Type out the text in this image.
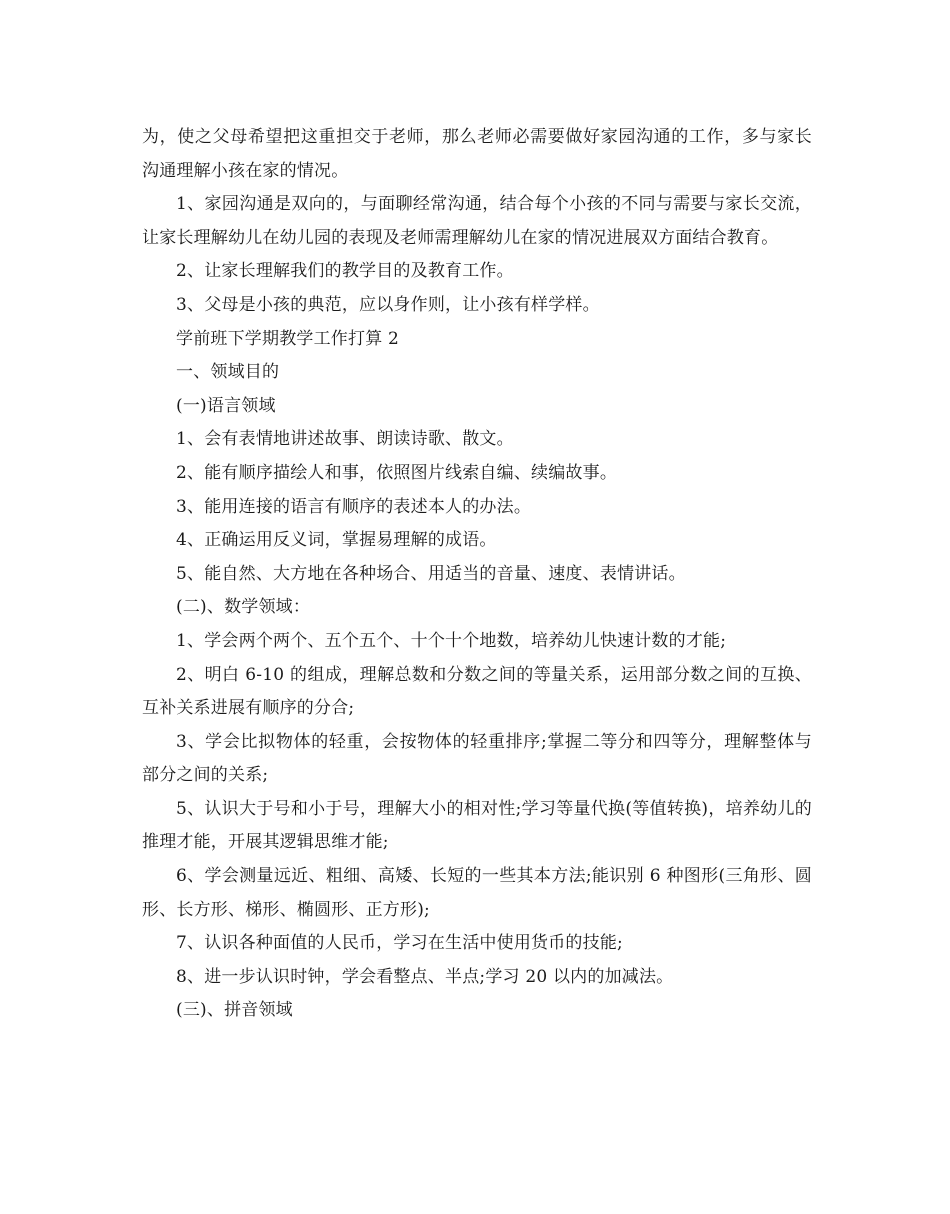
为，使之父母希望把这重担交于老师，那么老师必需要做好家园沟通的工作，多与家长沟通理解小孩在家的情况。

1、家园沟通是双向的，与面聊经常沟通，结合每个小孩的不同与需要与家长交流，让家长理解幼儿在幼儿园的表现及老师需理解幼儿在家的情况进展双方面结合教育。

2、让家长理解我们的教学目的及教育工作。

3、父母是小孩的典范，应以身作则，让小孩有样学样。

学前班下学期教学工作打算 2

一、领域目的

(一)语言领域

1、会有表情地讲述故事、朗读诗歌、散文。

2、能有顺序描绘人和事，依照图片线索自编、续编故事。

3、能用连接的语言有顺序的表述本人的办法。

4、正确运用反义词，掌握易理解的成语。

5、能自然、大方地在各种场合、用适当的音量、速度、表情讲话。

(二)、数学领域：

1、学会两个两个、五个五个、十个十个地数，培养幼儿快速计数的才能;

2、明白 6-10 的组成，理解总数和分数之间的等量关系，运用部分数之间的互换、互补关系进展有顺序的分合;

3、学会比拟物体的轻重，会按物体的轻重排序;掌握二等分和四等分，理解整体与部分之间的关系;

5、认识大于号和小于号，理解大小的相对性;学习等量代换(等值转换)，培养幼儿的推理才能，开展其逻辑思维才能;

6、学会测量远近、粗细、高矮、长短的一些其本方法;能识别 6 种图形(三角形、圆形、长方形、梯形、椭圆形、正方形);

7、认识各种面值的人民币，学习在生活中使用货币的技能;

8、进一步认识时钟，学会看整点、半点;学习 20 以内的加减法。

(三)、拼音领域
